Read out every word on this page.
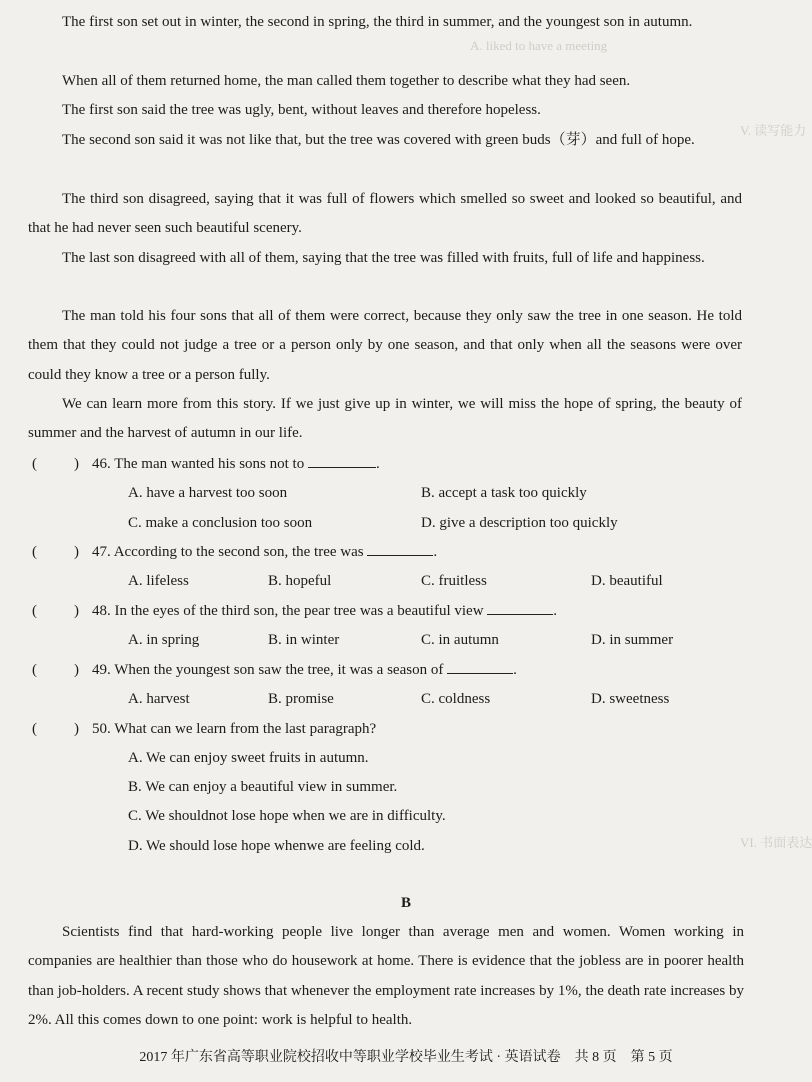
A. liked to have a meeting
V. 读写能力
VI. 书面表达

The first son set out in winter, the second in spring, the third in summer, and the youngest son in autumn.

When all of them returned home, the man called them together to describe what they had seen.

The first son said the tree was ugly, bent, without leaves and therefore hopeless.

The second son said it was not like that, but the tree was covered with green buds（芽）and full of hope.

The third son disagreed, saying that it was full of flowers which smelled so sweet and looked so beautiful, and that he had never seen such beautiful scenery.

The last son disagreed with all of them, saying that the tree was filled with fruits, full of life and happiness.

The man told his four sons that all of them were correct, because they only saw the tree in one season. He told them that they could not judge a tree or a person only by one season, and that only when all the seasons were over could they know a tree or a person fully.

We can learn more from this story. If we just give up in winter, we will miss the hope of spring, the beauty of summer and the harvest of autumn in our life.

( ) 46. The man wanted his sons not to	.
A. have a harvest too soon	B. accept a task too quickly
C. make a conclusion too soon	D. give a description too quickly
( ) 47. According to the second son, the tree was	.
A. lifeless	B. hopeful	C. fruitless	D. beautiful
( ) 48. In the eyes of the third son, the pear tree was a beautiful view	.
A. in spring	B. in winter	C. in autumn	D. in summer
( ) 49. When the youngest son saw the tree, it was a season of	.
A. harvest	B. promise	C. coldness	D. sweetness
( ) 50. What can we learn from the last paragraph?
A. We can enjoy sweet fruits in autumn.
B. We can enjoy a beautiful view in summer.
C. We shouldnot lose hope when we are in difficulty.
D. We should lose hope whenwe are feeling cold.
B

Scientists find that hard-working people live longer than average men and women. Women working in companies are healthier than those who do housework at home. There is evidence that the jobless are in poorer health than job-holders. A recent study shows that whenever the employment rate increases by 1%, the death rate increases by 2%. All this comes down to one point: work is helpful to health.

2017 年广东省高等职业院校招收中等职业学校毕业生考试 · 英语试卷　共 8 页　第 5 页
